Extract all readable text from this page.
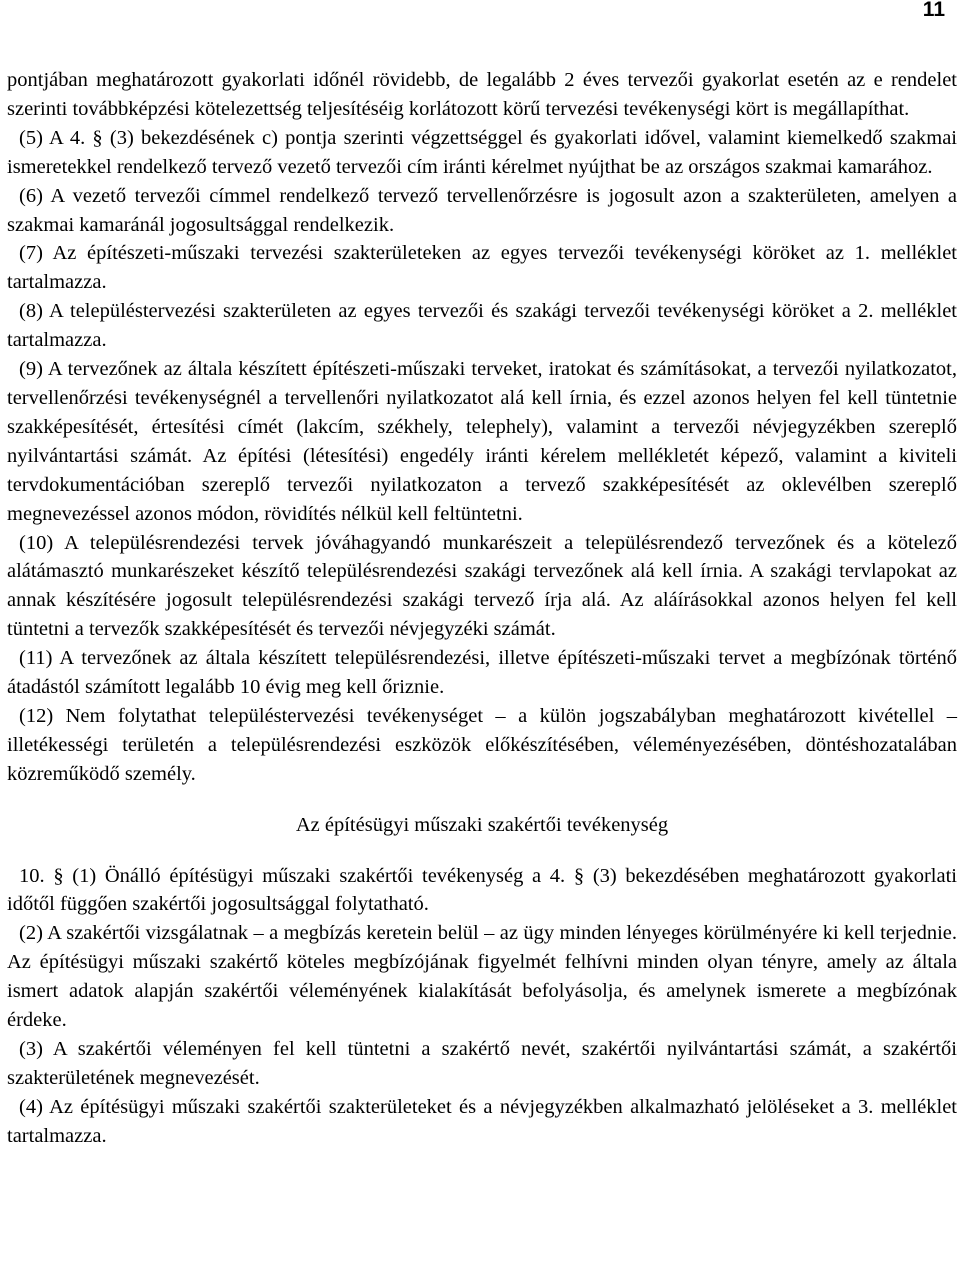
11

pontjában meghatározott gyakorlati időnél rövidebb, de legalább 2 éves tervezői gyakorlat esetén az e rendelet szerinti továbbképzési kötelezettség teljesítéséig korlátozott körű tervezési tevékenységi kört is megállapíthat.

(5) A 4. § (3) bekezdésének c) pontja szerinti végzettséggel és gyakorlati idővel, valamint kiemelkedő szakmai ismeretekkel rendelkező tervező vezető tervezői cím iránti kérelmet nyújthat be az országos szakmai kamarához.

(6) A vezető tervezői címmel rendelkező tervező tervellenőrzésre is jogosult azon a szakterületen, amelyen a szakmai kamaránál jogosultsággal rendelkezik.

(7) Az építészeti-műszaki tervezési szakterületeken az egyes tervezői tevékenységi köröket az 1. melléklet tartalmazza.

(8) A településtervezési szakterületen az egyes tervezői és szakági tervezői tevékenységi köröket a 2. melléklet tartalmazza.

(9) A tervezőnek az általa készített építészeti-műszaki terveket, iratokat és számításokat, a tervezői nyilatkozatot, tervellenőrzési tevékenységnél a tervellenőri nyilatkozatot alá kell írnia, és ezzel azonos helyen fel kell tüntetnie szakképesítését, értesítési címét (lakcím, székhely, telephely), valamint a tervezői névjegyzékben szereplő nyilvántartási számát. Az építési (létesítési) engedély iránti kérelem mellékletét képező, valamint a kiviteli tervdokumentációban szereplő tervezői nyilatkozaton a tervező szakképesítését az oklevélben szereplő megnevezéssel azonos módon, rövidítés nélkül kell feltüntetni.

(10) A településrendezési tervek jóváhagyandó munkarészeit a településrendező tervezőnek és a kötelező alátámasztó munkarészeket készítő településrendezési szakági tervezőnek alá kell írnia. A szakági tervlapokat az annak készítésére jogosult településrendezési szakági tervező írja alá. Az aláírásokkal azonos helyen fel kell tüntetni a tervezők szakképesítését és tervezői névjegyzéki számát.

(11) A tervezőnek az általa készített településrendezési, illetve építészeti-műszaki tervet a megbízónak történő átadástól számított legalább 10 évig meg kell őriznie.

(12) Nem folytathat településtervezési tevékenységet – a külön jogszabályban meghatározott kivétellel – illetékességi területén a településrendezési eszközök előkészítésében, véleményezésében, döntéshozatalában közreműködő személy.

Az építésügyi műszaki szakértői tevékenység

10. § (1) Önálló építésügyi műszaki szakértői tevékenység a 4. § (3) bekezdésében meghatározott gyakorlati időtől függően szakértői jogosultsággal folytatható.

(2) A szakértői vizsgálatnak – a megbízás keretein belül – az ügy minden lényeges körülményére ki kell terjednie. Az építésügyi műszaki szakértő köteles megbízójának figyelmét felhívni minden olyan tényre, amely az általa ismert adatok alapján szakértői véleményének kialakítását befolyásolja, és amelynek ismerete a megbízónak érdeke.

(3) A szakértői véleményen fel kell tüntetni a szakértő nevét, szakértői nyilvántartási számát, a szakértői szakterületének megnevezését.

(4) Az építésügyi műszaki szakértői szakterületeket és a névjegyzékben alkalmazható jelöléseket a 3. melléklet tartalmazza.
